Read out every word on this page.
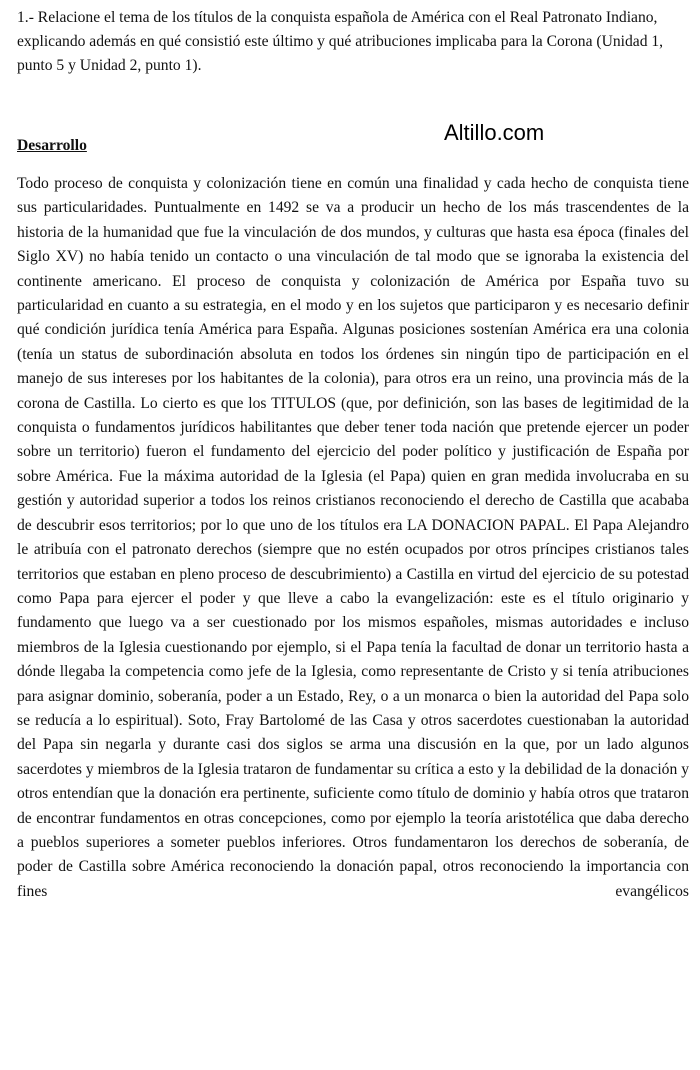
1.- Relacione el tema de los títulos de la conquista española de América con el Real Patronato Indiano, explicando además en qué consistió este último y qué atribuciones implicaba para la Corona (Unidad 1, punto 5 y Unidad 2, punto 1).

Desarrollo
Altillo.com

Todo proceso de conquista y colonización tiene en común una finalidad y cada hecho de conquista tiene sus particularidades. Puntualmente en 1492 se va a producir un hecho de los más trascendentes de la historia de la humanidad que fue la vinculación de dos mundos, y culturas que hasta esa época (finales del Siglo XV) no había tenido un contacto o una vinculación de tal modo que se ignoraba la existencia del continente americano. El proceso de conquista y colonización de América por España tuvo su particularidad en cuanto a su estrategia, en el modo y en los sujetos que participaron y es necesario definir qué condición jurídica tenía América para España. Algunas posiciones sostenían América era una colonia (tenía un status de subordinación absoluta en todos los órdenes sin ningún tipo de participación en el manejo de sus intereses por los habitantes de la colonia), para otros era un reino, una provincia más de la corona de Castilla. Lo cierto es que los TITULOS (que, por definición, son las bases de legitimidad de la conquista o fundamentos jurídicos habilitantes que deber tener toda nación que pretende ejercer un poder sobre un territorio) fueron el fundamento del ejercicio del poder político y justificación de España por sobre América. Fue la máxima autoridad de la Iglesia (el Papa) quien en gran medida involucraba en su gestión y autoridad superior a todos los reinos cristianos reconociendo el derecho de Castilla que acababa de descubrir esos territorios; por lo que uno de los títulos era LA DONACION PAPAL. El Papa Alejandro le atribuía con el patronato derechos (siempre que no estén ocupados por otros príncipes cristianos tales territorios que estaban en pleno proceso de descubrimiento) a Castilla en virtud del ejercicio de su potestad como Papa para ejercer el poder y que lleve a cabo la evangelización: este es el título originario y fundamento que luego va a ser cuestionado por los mismos españoles, mismas autoridades e incluso miembros de la Iglesia cuestionando por ejemplo, si el Papa tenía la facultad de donar un territorio hasta a dónde llegaba la competencia como jefe de la Iglesia, como representante de Cristo y si tenía atribuciones para asignar dominio, soberanía, poder a un Estado, Rey, o a un monarca o bien la autoridad del Papa solo se reducía a lo espiritual). Soto, Fray Bartolomé de las Casa y otros sacerdotes cuestionaban la autoridad del Papa sin negarla y durante casi dos siglos se arma una discusión en la que, por un lado algunos sacerdotes y miembros de la Iglesia trataron de fundamentar su crítica a esto y la debilidad de la donación y otros entendían que la donación era pertinente, suficiente como título de dominio y había otros que trataron de encontrar fundamentos en otras concepciones, como por ejemplo la teoría aristotélica que daba derecho a pueblos superiores a someter pueblos inferiores. Otros fundamentaron los derechos de soberanía, de poder de Castilla sobre América reconociendo la donación papal, otros reconociendo la importancia con fines evangélicos
